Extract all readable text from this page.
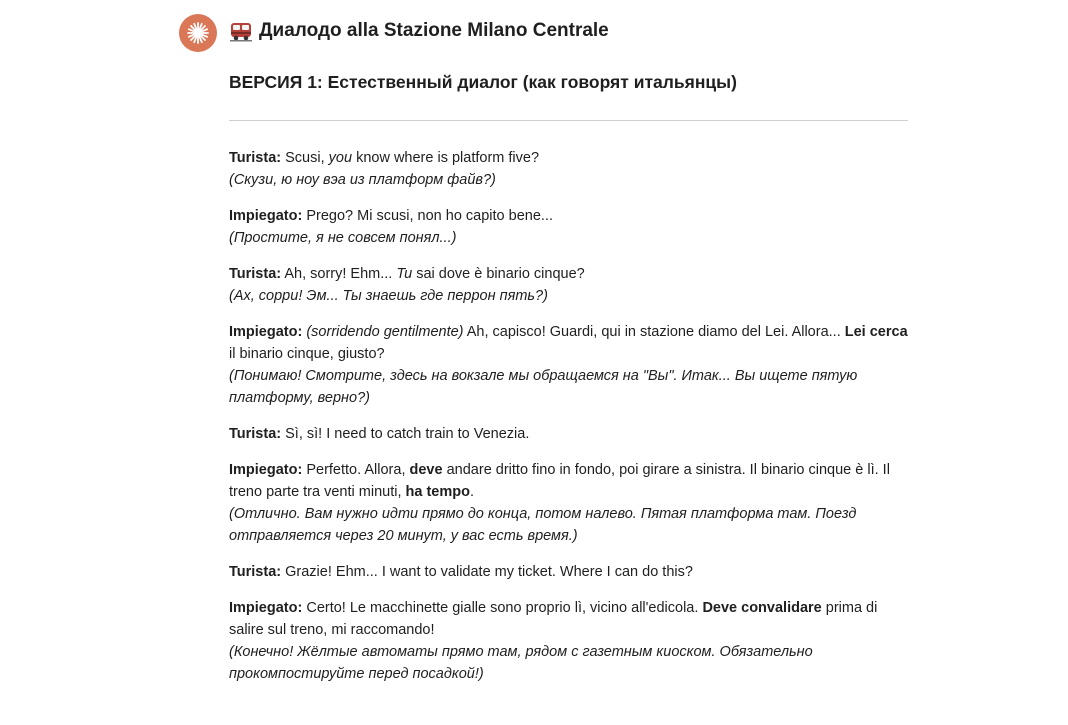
Диалодо alla Stazione Milano Centrale
ВЕРСИЯ 1: Естественный диалог (как говорят итальянцы)
Turista: Scusi, you know where is platform five?
(Скузи, ю ноу вэа из платформ файв?)
Impiegato: Prego? Mi scusi, non ho capito bene...
(Простите, я не совсем понял...)
Turista: Ah, sorry! Ehm... Tu sai dove è binario cinque?
(Ах, сорри! Эм... Ты знаешь где перрон пять?)
Impiegato: (sorridendo gentilmente) Ah, capisco! Guardi, qui in stazione diamo del Lei. Allora... Lei cerca il binario cinque, giusto?
(Понимаю! Смотрите, здесь на вокзале мы обращаемся на "Вы". Итак... Вы ищете пятую платформу, верно?)
Turista: Sì, sì! I need to catch train to Venezia.
Impiegato: Perfetto. Allora, deve andare dritto fino in fondo, poi girare a sinistra. Il binario cinque è lì. Il treno parte tra venti minuti, ha tempo.
(Отлично. Вам нужно идти прямо до конца, потом налево. Пятая платформа там. Поезд отправляется через 20 минут, у вас есть время.)
Turista: Grazie! Ehm... I want to validate my ticket. Where I can do this?
Impiegato: Certo! Le macchinette gialle sono proprio lì, vicino all'edicola. Deve convalidare prima di salire sul treno, mi raccomando!
(Конечно! Жёлтые автоматы прямо там, рядом с газетным киоском. Обязательно прокомпостируйте перед посадкой!)
